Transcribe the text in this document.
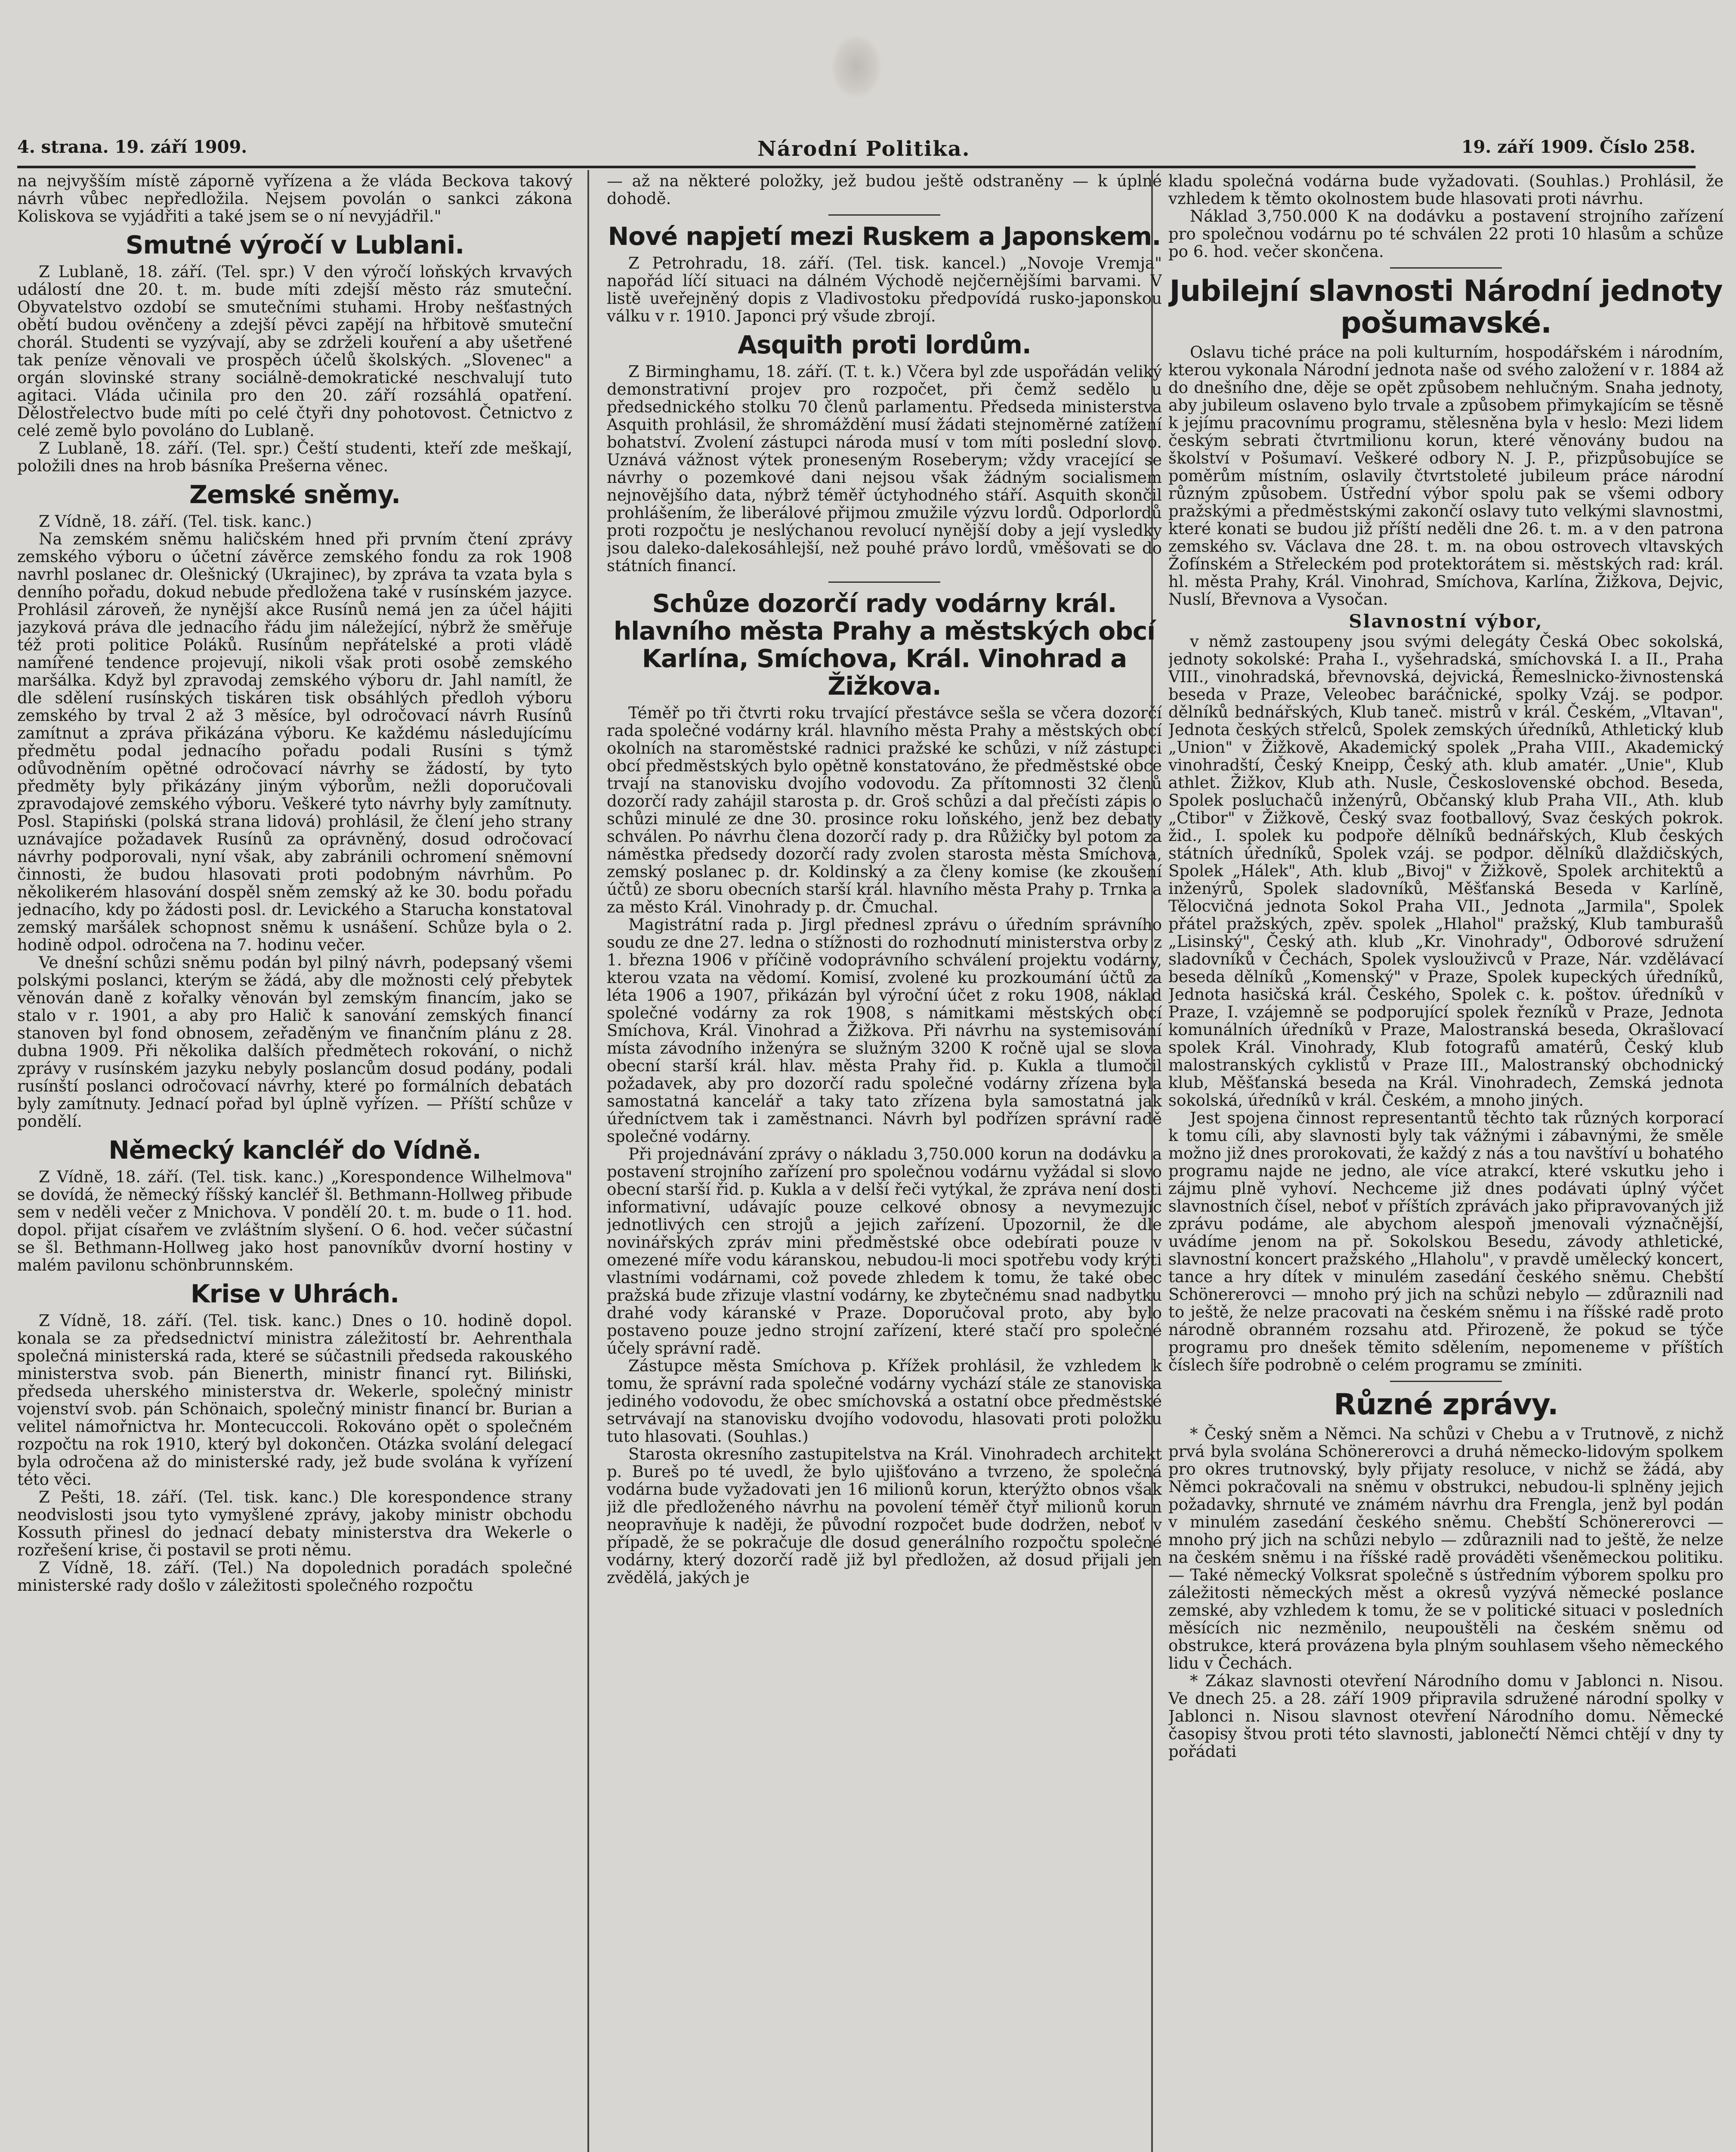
4. strana. 19. září 1909.	Národní Politika.	19. září 1909. Číslo 258.

na nejvyšším místě záporně vyřízena a že vláda Beckova takový návrh vůbec nepředložila. Nejsem povolán o sankci zákona Koliskova se vyjádřiti a také jsem se o ní nevyjádřil."

Smutné výročí v Lublani.

Z Lublaně, 18. září. (Tel. spr.) V den výročí loňských krvavých událostí dne 20. t. m. bude míti zdejší město ráz smuteční. Obyvatelstvo ozdobí se smutečními stuhami. Hroby nešťastných obětí budou ověnčeny a zdejší pěvci zapějí na hřbitově smuteční chorál. Studenti se vyzývají, aby se zdrželi kouření a aby ušetřené tak peníze věnovali ve prospěch účelů školských. „Slovenec" a orgán slovinské strany sociálně-demokratické neschvalují tuto agitaci. Vláda učinila pro den 20. září rozsáhlá opatření. Dělostřelectvo bude míti po celé čtyři dny pohotovost. Četnictvo z celé země bylo povoláno do Lublaně.

Z Lublaně, 18. září. (Tel. spr.) Čeští studenti, kteří zde meškají, položili dnes na hrob básníka Prešerna věnec.

Zemské sněmy.

Z Vídně, 18. září. (Tel. tisk. kanc.)

Na zemském sněmu haličském hned při prvním čtení zprávy zemského výboru o účetní závěrce zemského fondu za rok 1908 navrhl poslanec dr. Olešnický (Ukrajinec), by zpráva ta vzata byla s denního pořadu, dokud nebude předložena také v rusínském jazyce. Prohlásil zároveň, že nynější akce Rusínů nemá jen za účel hájiti jazyková práva dle jednacího řádu jim náležející, nýbrž že směřuje též proti politice Poláků. Rusínům nepřátelské a proti vládě namířené tendence projevují, nikoli však proti osobě zemského maršálka. Když byl zpravodaj zemského výboru dr. Jahl namítl, že dle sdělení rusínských tiskáren tisk obsáhlých předloh výboru zemského by trval 2 až 3 měsíce, byl odročovací návrh Rusínů zamítnut a zpráva přikázána výboru. Ke každému následujícímu předmětu podal jednacího pořadu podali Rusíni s týmž odůvodněním opětné odročovací návrhy se žádostí, by tyto předměty byly přikázány jiným výborům, nežli doporučovali zpravodajové zemského výboru. Veškeré tyto návrhy byly zamítnuty. Posl. Stapiński (polská strana lidová) prohlásil, že člení jeho strany uznávajíce požadavek Rusínů za oprávněný, dosud odročovací návrhy podporovali, nyní však, aby zabránili ochromení sněmovní činnosti, že budou hlasovati proti podobným návrhům. Po několikerém hlasování dospěl sněm zemský až ke 30. bodu pořadu jednacího, kdy po žádosti posl. dr. Levického a Starucha konstatoval zemský maršálek schopnost sněmu k usnášení. Schůze byla o 2. hodině odpol. odročena na 7. hodinu večer.

Ve dnešní schůzi sněmu podán byl pilný návrh, podepsaný všemi polskými poslanci, kterým se žádá, aby dle možnosti celý přebytek věnován daně z kořalky věnován byl zemským financím, jako se stalo v r. 1901, a aby pro Halič k sanování zemských financí stanoven byl fond obnosem, zeřaděným ve finančním plánu z 28. dubna 1909. Při několika dalších předmětech rokování, o nichž zprávy v rusínském jazyku nebyly poslancům dosud podány, podali rusínští poslanci odročovací návrhy, které po formálních debatách byly zamítnuty. Jednací pořad byl úplně vyřízen. — Příští schůze v pondělí.

Německý kancléř do Vídně.

Z Vídně, 18. září. (Tel. tisk. kanc.) „Korespondence Wilhelmova" se dovídá, že německý říšský kancléř šl. Bethmann-Hollweg přibude sem v neděli večer z Mnichova. V pondělí 20. t. m. bude o 11. hod. dopol. přijat císařem ve zvláštním slyšení. O 6. hod. večer súčastní se šl. Bethmann-Hollweg jako host panovníkův dvorní hostiny v malém pavilonu schönbrunnském.

Krise v Uhrách.

Z Vídně, 18. září. (Tel. tisk. kanc.) Dnes o 10. hodině dopol. konala se za předsednictví ministra záležitostí br. Aehrenthala společná ministerská rada, které se súčastnili předseda rakouského ministerstva svob. pán Bienerth, ministr financí ryt. Biliński, předseda uherského ministerstva dr. Wekerle, společný ministr vojenství svob. pán Schönaich, společný ministr financí br. Burian a velitel námořnictva hr. Montecuccoli. Rokováno opět o společném rozpočtu na rok 1910, který byl dokončen. Otázka svolání delegací byla odročena až do ministerské rady, jež bude svolána k vyřízení této věci.

Z Pešti, 18. září. (Tel. tisk. kanc.) Dle korespondence strany neodvislosti jsou tyto vymyšlené zprávy, jakoby ministr obchodu Kossuth přinesl do jednací debaty ministerstva dra Wekerle o rozřešení krise, či postavil se proti němu.

Z Vídně, 18. září. (Tel.) Na dopolednich poradách společné ministerské rady došlo v záležitosti společného rozpočtu

— až na některé položky, jež budou ještě odstraněny — k úplné dohodě.

Nové napjetí mezi Ruskem a Japonskem.

Z Petrohradu, 18. září. (Tel. tisk. kancel.) „Novoje Vremja" napořád líčí situaci na dálném Východě nejčernějšími barvami. V listě uveřejněný dopis z Vladivostoku předpovídá rusko-japonskou válku v r. 1910. Japonci prý všude zbrojí.

Asquith proti lordům.

Z Birminghamu, 18. září. (T. t. k.) Včera byl zde uspořádán veliký demonstrativní projev pro rozpočet, při čemž sedělo u předsednického stolku 70 členů parlamentu. Předseda ministerstva Asquith prohlásil, že shromáždění musí žádati stejnoměrné zatížení bohatství. Zvolení zástupci národa musí v tom míti poslední slovo. Uznává vážnost výtek proneseným Roseberym; vždy vracející se návrhy o pozemkové dani nejsou však žádným socialismem nejnovějšího data, nýbrž téměř úctyhodného stáří. Asquith skončil prohlášením, že liberálové přijmou zmužile výzvu lordů. Odporlordů proti rozpočtu je neslýchanou revolucí nynější doby a její vysledky jsou daleko-dalekosáhlejší, než pouhé právo lordů, vměšovati se do státních financí.

Schůze dozorčí rady vodárny král. hlavního města Prahy a městských obcí Karlína, Smíchova, Král. Vinohrad a Žižkova.

Téměř po tři čtvrti roku trvající přestávce sešla se včera dozorčí rada společné vodárny král. hlavního města Prahy a městských obcí okolních na staroměstské radnici pražské ke schůzi, v níž zástupci obcí předměstských bylo opětně konstatováno, že předměstské obce trvají na stanovisku dvojího vodovodu. Za přítomnosti 32 členů dozorčí rady zahájil starosta p. dr. Groš schůzi a dal přečísti zápis o schůzi minulé ze dne 30. prosince roku loňského, jenž bez debaty schválen. Po návrhu člena dozorčí rady p. dra Růžičky byl potom za náměstka předsedy dozorčí rady zvolen starosta města Smíchova, zemský poslanec p. dr. Koldinský a za členy komise (ke zkoušení účtů) ze sboru obecních starší král. hlavního města Prahy p. Trnka a za město Král. Vinohrady p. dr. Čmuchal.

Magistrátní rada p. Jirgl přednesl zprávu o úředním správního soudu ze dne 27. ledna o stížnosti do rozhodnutí ministerstva orby z 1. března 1906 v příčině vodoprávního schválení projektu vodárny, kterou vzata na vědomí. Komisí, zvolené ku prozkoumání účtů za léta 1906 a 1907, přikázán byl výroční účet z roku 1908, náklad společné vodárny za rok 1908, s námitkami městských obcí Smíchova, Král. Vinohrad a Žižkova. Při návrhu na systemisování místa závodního inženýra se služným 3200 K ročně ujal se slova obecní starší král. hlav. města Prahy řid. p. Kukla a tlumočil požadavek, aby pro dozorčí radu společné vodárny zřízena byla samostatná kancelář a taky tato zřízena byla samostatná jak úředníctvem tak i zaměstnanci. Návrh byl podřízen správní radě společné vodárny.

Při projednávání zprávy o nákladu 3,750.000 korun na dodávku a postavení strojního zařízení pro společnou vodárnu vyžádal si slovo obecní starší řid. p. Kukla a v delší řeči vytýkal, že zpráva není dosti informativní, udávajíc pouze celkové obnosy a nevymezujíc jednotlivých cen strojů a jejich zařízení. Upozornil, že dle novinářských zpráv mini předměstské obce odebírati pouze v omezené míře vodu káranskou, nebudou-li moci spotřebu vody krýti vlastními vodárnami, což povede zhledem k tomu, že také obec pražská bude zřizuje vlastní vodárny, ke zbytečnému snad nadbytku drahé vody káranské v Praze. Doporučoval proto, aby bylo postaveno pouze jedno strojní zařízení, které stačí pro společné účely správní radě.

Zástupce města Smíchova p. Křížek prohlásil, že vzhledem k tomu, že správní rada společné vodárny vychází stále ze stanoviska jediného vodovodu, že obec smíchovská a ostatní obce předměstské setrvávají na stanovisku dvojího vodovodu, hlasovati proti položku tuto hlasovati. (Souhlas.)

Starosta okresního zastupitelstva na Král. Vinohradech architekt p. Bureš po té uvedl, že bylo ujišťováno a tvrzeno, že společná vodárna bude vyžadovati jen 16 milionů korun, kterýžto obnos však již dle předloženého návrhu na povolení téměř čtyř milionů korun neopravňuje k naději, že původní rozpočet bude dodržen, neboť v případě, že se pokračuje dle dosud generálního rozpočtu společné vodárny, který dozorčí radě již byl předložen, až dosud přijali jen zvědělá, jakých je

kladu společná vodárna bude vyžadovati. (Souhlas.) Prohlásil, že vzhledem k těmto okolnostem bude hlasovati proti návrhu.

Náklad 3,750.000 K na dodávku a postavení strojního zařízení pro společnou vodárnu po té schválen 22 proti 10 hlasům a schůze po 6. hod. večer skončena.

Jubilejní slavnosti Národní jednoty pošumavské.

Oslavu tiché práce na poli kulturním, hospodářském i národním, kterou vykonala Národní jednota naše od svého založení v r. 1884 až do dnešního dne, děje se opět způsobem nehlučným. Snaha jednoty, aby jubileum oslaveno bylo trvale a způsobem přimykajícím se těsně k jejímu pracovnímu programu, stělesněna byla v heslo: Mezi lidem českým sebrati čtvrtmilionu korun, které věnovány budou na školství v Pošumaví. Veškeré odbory N. J. P., přizpůsobujíce se poměrům místním, oslavily čtvrtstoleté jubileum práce národní různým způsobem. Ústřední výbor spolu pak se všemi odbory pražskými a předměstskými zakončí oslavy tuto velkými slavnostmi, které konati se budou již příští neděli dne 26. t. m. a v den patrona zemského sv. Václava dne 28. t. m. na obou ostrovech vltavských Žofínském a Střeleckém pod protektorátem si. městských rad: král. hl. města Prahy, Král. Vinohrad, Smíchova, Karlína, Žižkova, Dejvic, Nuslí, Břevnova a Vysočan.

Slavnostní výbor,

v němž zastoupeny jsou svými delegáty Česká Obec sokolská, jednoty sokolské: Praha I., vyšehradská, smíchovská I. a II., Praha VIII., vinohradská, břevnovská, dejvická, Řemeslnicko-živnostenská beseda v Praze, Veleobec baráčnické, spolky Vzáj. se podpor. dělníků bednářských, Klub taneč. mistrů v král. Českém, „Vltavan", Jednota českých střelců, Spolek zemských úředníků, Athletický klub „Union" v Žižkově, Akademický spolek „Praha VIII., Akademický vinohradští, Český Kneipp, Český ath. klub amatér. „Unie", Klub athlet. Žižkov, Klub ath. Nusle, Československé obchod. Beseda, Spolek posluchačů inženýrů, Občanský klub Praha VII., Ath. klub „Ctibor" v Žižkově, Český svaz footballový, Svaz českých pokrok. žid., I. spolek ku podpoře dělníků bednářských, Klub českých státních úředníků, Spolek vzáj. se podpor. dělníků dlaždičských, Spolek „Hálek", Ath. klub „Bivoj" v Žižkově, Spolek architektů a inženýrů, Spolek sladovníků, Měšťanská Beseda v Karlíně, Tělocvičná jednota Sokol Praha VII., Jednota „Jarmila", Spolek přátel pražských, zpěv. spolek „Hlahol" pražský, Klub tamburašů „Lisinský", Český ath. klub „Kr. Vinohrady", Odborové sdružení sladovníků v Čechách, Spolek vyslouživců v Praze, Nár. vzdělávací beseda dělníků „Komenský" v Praze, Spolek kupeckých úředníků, Jednota hasičská král. Českého, Spolek c. k. poštov. úředníků v Praze, I. vzájemně se podporující spolek řezníků v Praze, Jednota komunálních úředníků v Praze, Malostranská beseda, Okrašlovací spolek Král. Vinohrady, Klub fotografů amatérů, Český klub malostranských cyklistů v Praze III., Malostranský obchodnický klub, Měšťanská beseda na Král. Vinohradech, Zemská jednota sokolská, úředníků v král. Českém, a mnoho jiných.

Jest spojena činnost representantů těchto tak různých korporací k tomu cíli, aby slavnosti byly tak vážnými i zábavnými, že směle možno již dnes prorokovati, že každý z nás a tou navštíví u bohatého programu najde ne jedno, ale více atrakcí, které vskutku jeho i zájmu plně vyhoví. Nechceme již dnes podávati úplný výčet slavnostních čísel, neboť v příštích zprávách jako připravovaných již zprávu podáme, ale abychom alespoň jmenovali význačnější, uvádíme jenom na př. Sokolskou Besedu, závody athletické, slavnostní koncert pražského „Hlaholu", v pravdě umělecký koncert, tance a hry dítek v minulém zasedání českého sněmu. Chebští Schönererovci — mnoho prý jich na schůzi nebylo — zdůraznili nad to ještě, že nelze pracovati na českém sněmu i na říšské radě proto národně obranném rozsahu atd. Přirozeně, že pokud se týče programu pro dnešek těmito sdělením, nepomeneme v příštích číslech šíře podrobně o celém programu se zmíniti.

Různé zprávy.

* Český sněm a Němci. Na schůzi v Chebu a v Trutnově, z nichž prvá byla svolána Schönererovci a druhá německo-lidovým spolkem pro okres trutnovský, byly přijaty resoluce, v nichž se žádá, aby Němci pokračovali na sněmu v obstrukci, nebudou-li splněny jejich požadavky, shrnuté ve známém návrhu dra Frengla, jenž byl podán v minulém zasedání českého sněmu. Chebští Schönererovci — mnoho prý jich na schůzi nebylo — zdůraznili nad to ještě, že nelze na českém sněmu i na říšské radě prováděti všeněmeckou politiku. — Také německý Volksrat společně s ústředním výborem spolku pro záležitosti německých měst a okresů vyzývá německé poslance zemské, aby vzhledem k tomu, že se v politické situaci v posledních měsících nic nezměnilo, neupouštěli na českém sněmu od obstrukce, která provázena byla plným souhlasem všeho německého lidu v Čechách.

* Zákaz slavnosti otevření Národního domu v Jablonci n. Nisou. Ve dnech 25. a 28. září 1909 připravila sdružené národní spolky v Jablonci n. Nisou slavnost otevření Národního domu. Německé časopisy štvou proti této slavnosti, jablonečtí Němci chtějí v dny ty pořádati
